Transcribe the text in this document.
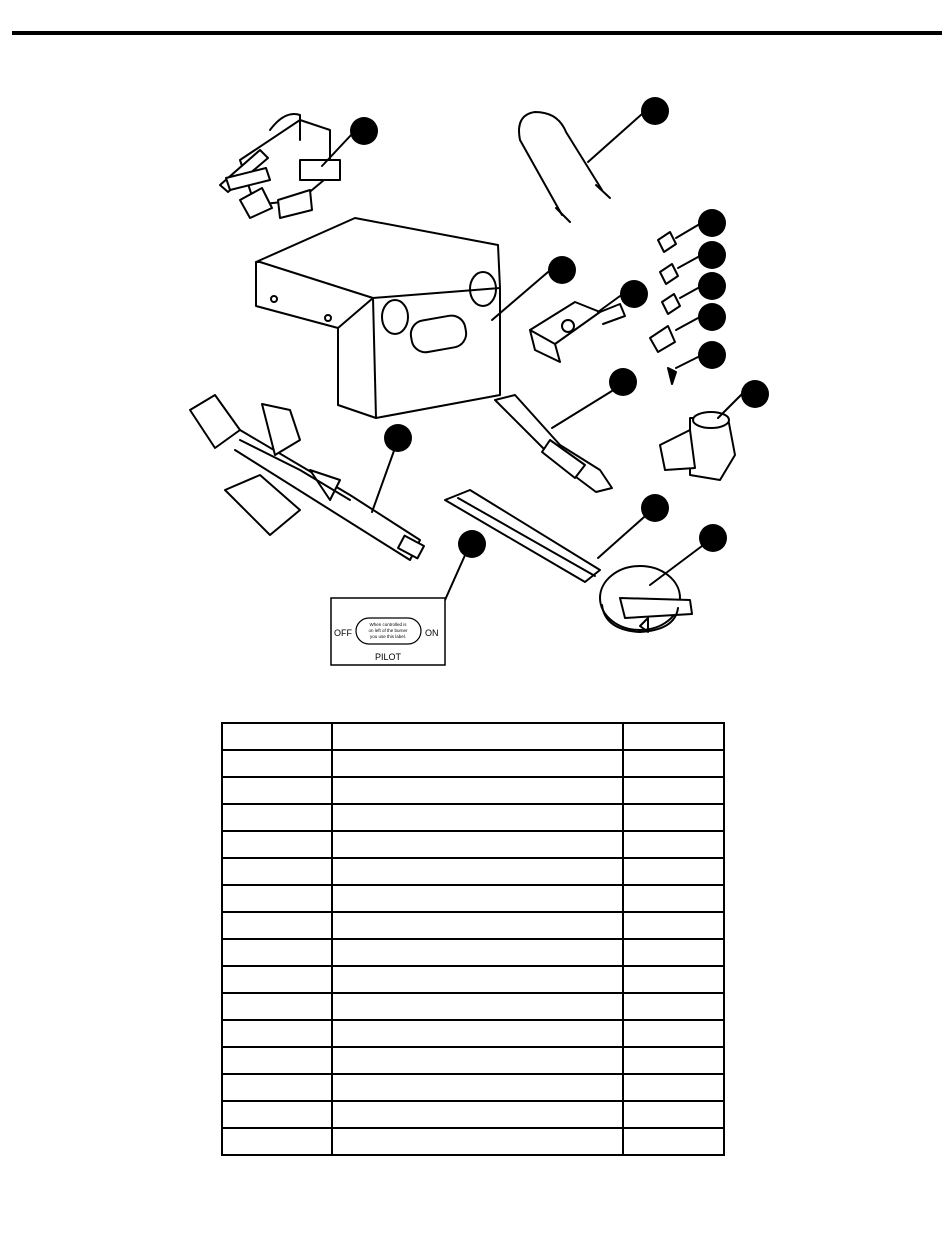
OFF	ON
When controlled is
on left of the burner
you use this label.
PILOT
